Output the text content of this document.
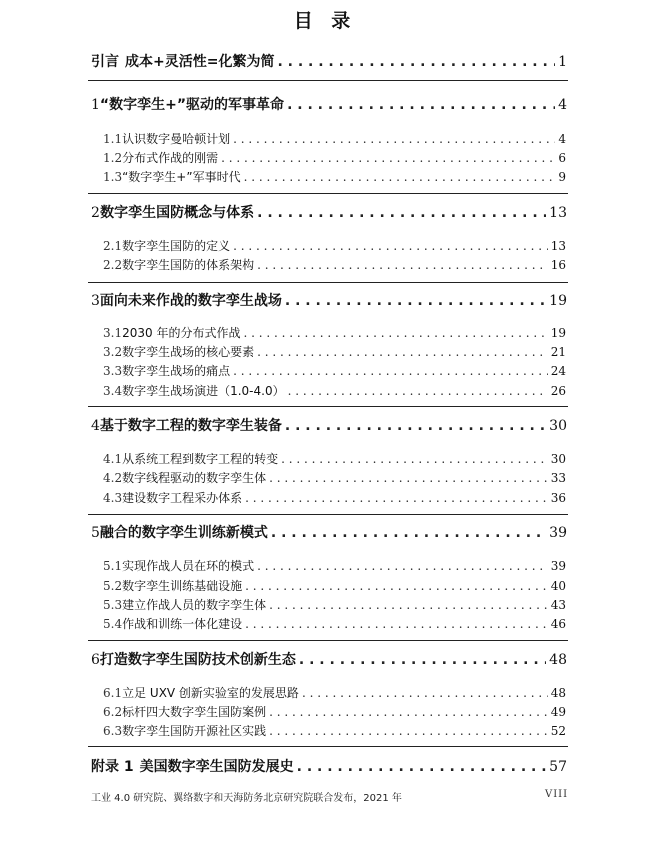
目 录
引言 成本+灵活性=化繁为简 . . .	1
1 “数字孪生+”驱动的军事革命 . . .	4
1.1 认识数字曼哈顿计划 . . .	4
1.2 分布式作战的刚需 . . .	6
1.3 “数字孪生+”军事时代 . . .	9
2 数字孪生国防概念与体系 . . .	13
2.1 数字孪生国防的定义 . . .	13
2.2 数字孪生国防的体系架构 . . .	16
3 面向未来作战的数字孪生战场 . . .	19
3.1 2030 年的分布式作战 . . .	19
3.2 数字孪生战场的核心要素 . . .	21
3.3 数字孪生战场的痛点 . . .	24
3.4 数字孪生战场演进（1.0-4.0） . . .	26
4 基于数字工程的数字孪生装备 . . .	30
4.1 从系统工程到数字工程的转变 . . .	30
4.2 数字线程驱动的数字孪生体 . . .	33
4.3 建设数字工程采办体系 . . .	36
5 融合的数字孪生训练新模式 . . .	39
5.1 实现作战人员在环的模式 . . .	39
5.2 数字孪生训练基础设施 . . .	40
5.3 建立作战人员的数字孪生体 . . .	43
5.4 作战和训练一体化建设 . . .	46
6 打造数字孪生国防技术创新生态 . . .	48
6.1 立足 UXV 创新实验室的发展思路 . . .	48
6.2 标杆四大数字孪生国防案例 . . .	49
6.3 数字孪生国防开源社区实践 . . .	52
附录 1 美国数字孪生国防发展史 . . .	57
工业 4.0 研究院、翼络数字和天海防务北京研究院联合发布，2021 年	VIII
